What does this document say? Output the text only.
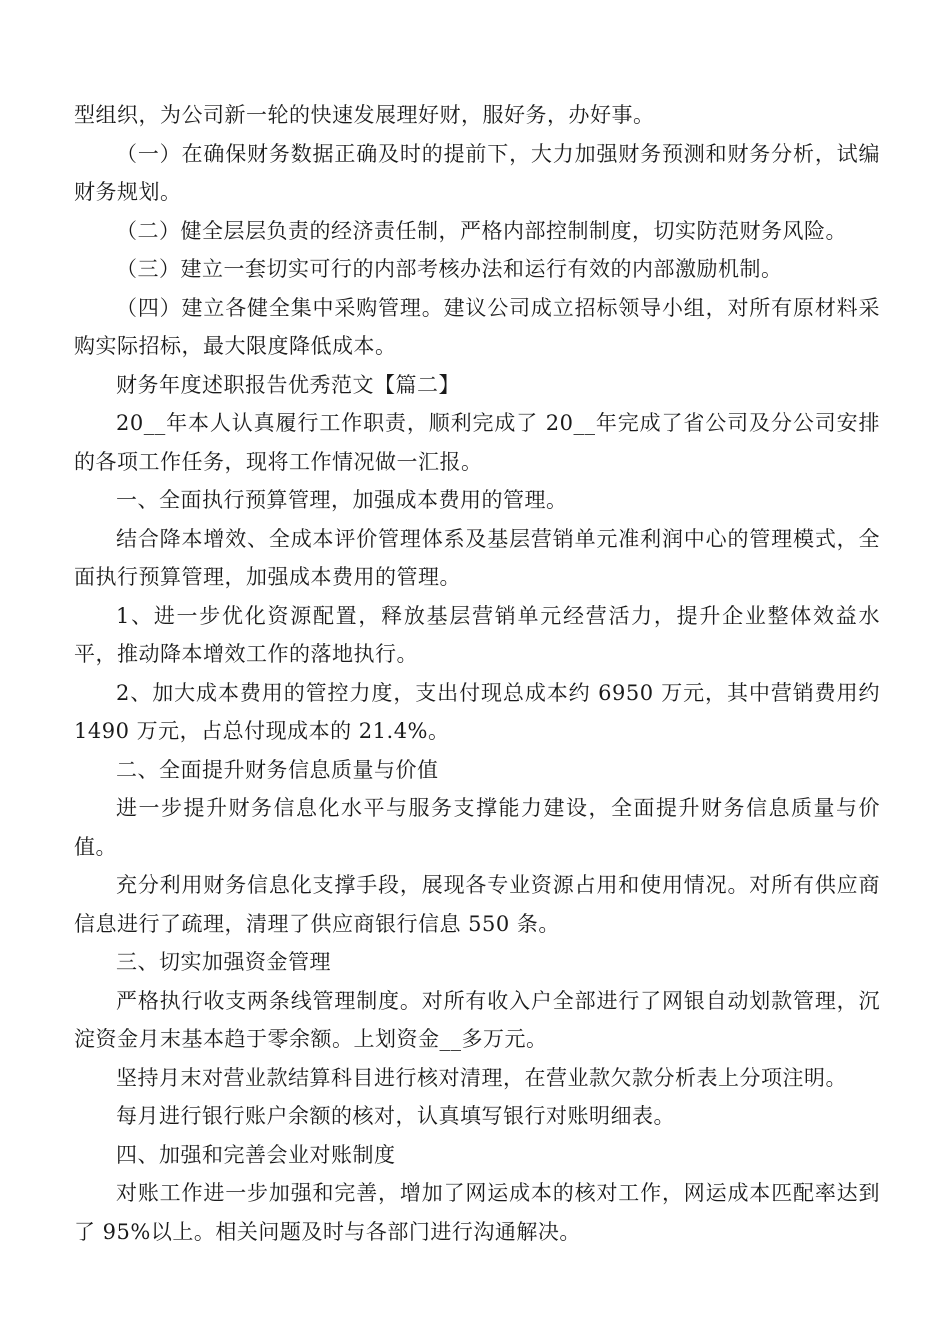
型组织，为公司新一轮的快速发展理好财，服好务，办好事。

（一）在确保财务数据正确及时的提前下，大力加强财务预测和财务分析，试编财务规划。

（二）健全层层负责的经济责任制，严格内部控制制度，切实防范财务风险。

（三）建立一套切实可行的内部考核办法和运行有效的内部激励机制。

（四）建立各健全集中采购管理。建议公司成立招标领导小组，对所有原材料采购实际招标，最大限度降低成本。

财务年度述职报告优秀范文【篇二】

20__年本人认真履行工作职责，顺利完成了 20__年完成了省公司及分公司安排的各项工作任务，现将工作情况做一汇报。

一、全面执行预算管理，加强成本费用的管理。

结合降本增效、全成本评价管理体系及基层营销单元准利润中心的管理模式，全面执行预算管理，加强成本费用的管理。

1、进一步优化资源配置，释放基层营销单元经营活力，提升企业整体效益水平，推动降本增效工作的落地执行。

2、加大成本费用的管控力度，支出付现总成本约 6950 万元，其中营销费用约 1490 万元，占总付现成本的 21.4%。

二、全面提升财务信息质量与价值

进一步提升财务信息化水平与服务支撑能力建设，全面提升财务信息质量与价值。

充分利用财务信息化支撑手段，展现各专业资源占用和使用情况。对所有供应商信息进行了疏理，清理了供应商银行信息 550 条。

三、切实加强资金管理

严格执行收支两条线管理制度。对所有收入户全部进行了网银自动划款管理，沉淀资金月末基本趋于零余额。上划资金__多万元。

坚持月末对营业款结算科目进行核对清理，在营业款欠款分析表上分项注明。

每月进行银行账户余额的核对，认真填写银行对账明细表。

四、加强和完善会业对账制度

对账工作进一步加强和完善，增加了网运成本的核对工作，网运成本匹配率达到了 95%以上。相关问题及时与各部门进行沟通解决。
